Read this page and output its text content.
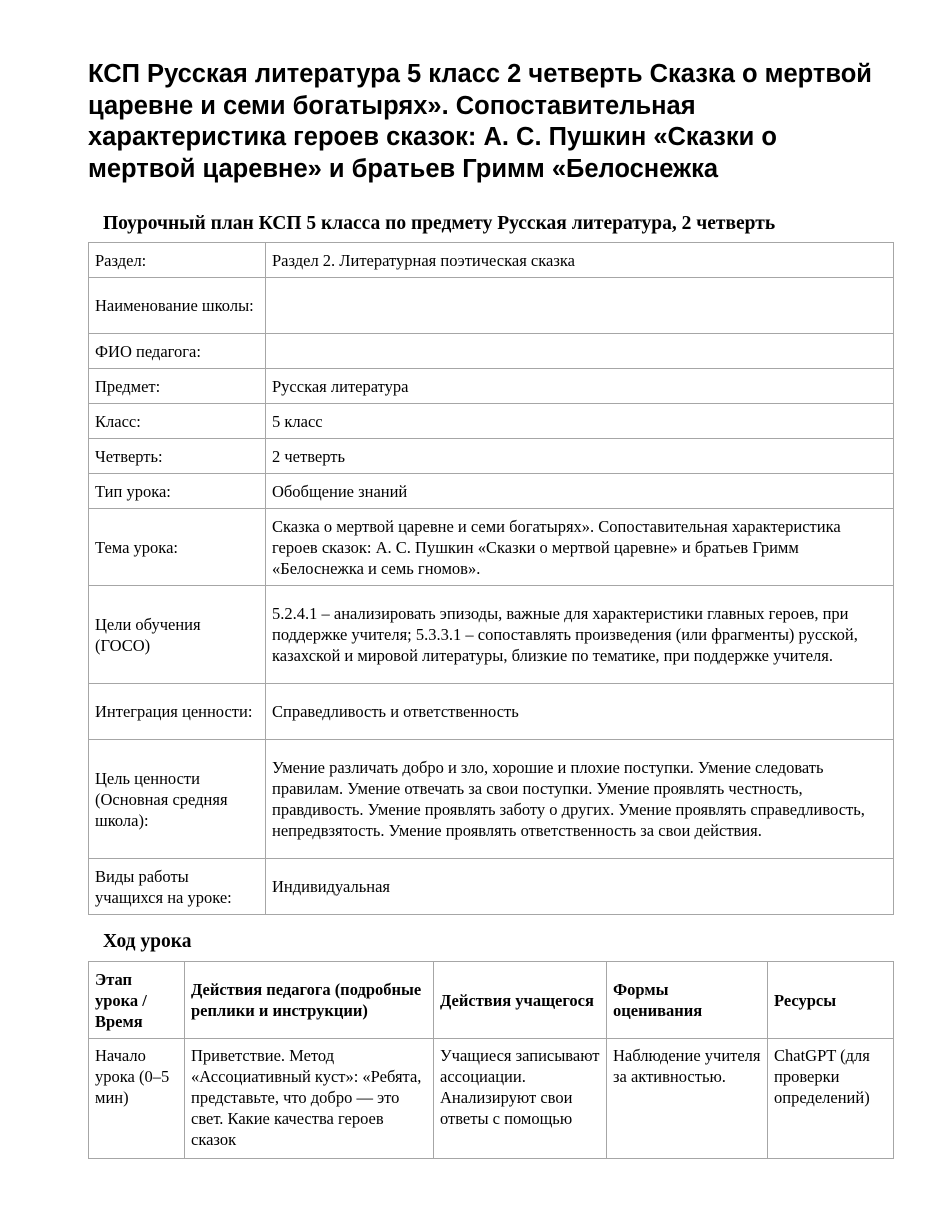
КСП Русская литература 5 класс 2 четверть Сказка о мертвой царевне и семи богатырях». Сопоставительная характеристика героев сказок: А. С. Пушкин «Сказки о мертвой царевне» и братьев Гримм «Белоснежка
Поурочный план КСП 5 класса по предмету Русская литература, 2 четверть
Раздел:	Раздел 2. Литературная поэтическая сказка
Наименование школы:	
ФИО педагога:	
Предмет:	Русская литература
Класс:	5 класс
Четверть:	2 четверть
Тип урока:	Обобщение знаний
Тема урока:	Сказка о мертвой царевне и семи богатырях». Сопоставительная характеристика героев сказок: А. С. Пушкин «Сказки о мертвой царевне» и братьев Гримм «Белоснежка и семь гномов».
Цели обучения (ГОСО)	5.2.4.1 – анализировать эпизоды, важные для характеристики главных героев, при поддержке учителя; 5.3.3.1 – сопоставлять произведения (или фрагменты) русской, казахской и мировой литературы, близкие по тематике, при поддержке учителя.
Интеграция ценности:	Справедливость и ответственность
Цель ценности (Основная средняя школа):	Умение различать добро и зло, хорошие и плохие поступки. Умение следовать правилам. Умение отвечать за свои поступки. Умение проявлять честность, правдивость. Умение проявлять заботу о других. Умение проявлять справедливость, непредвзятость. Умение проявлять ответственность за свои действия.
Виды работы учащихся на уроке:	Индивидуальная
Ход урока
Этап урока / Время	Действия педагога (подробные реплики и инструкции)	Действия учащегося	Формы оценивания	Ресурсы

Начало урока (0–5 мин)	Приветствие. Метод «Ассоциативный куст»: «Ребята, представьте, что добро — это свет. Какие качества героев сказок	Учащиеся записывают ассоциации. Анализируют свои ответы с помощью	Наблюдение учителя за активностью.	ChatGPT (для проверки определений)
